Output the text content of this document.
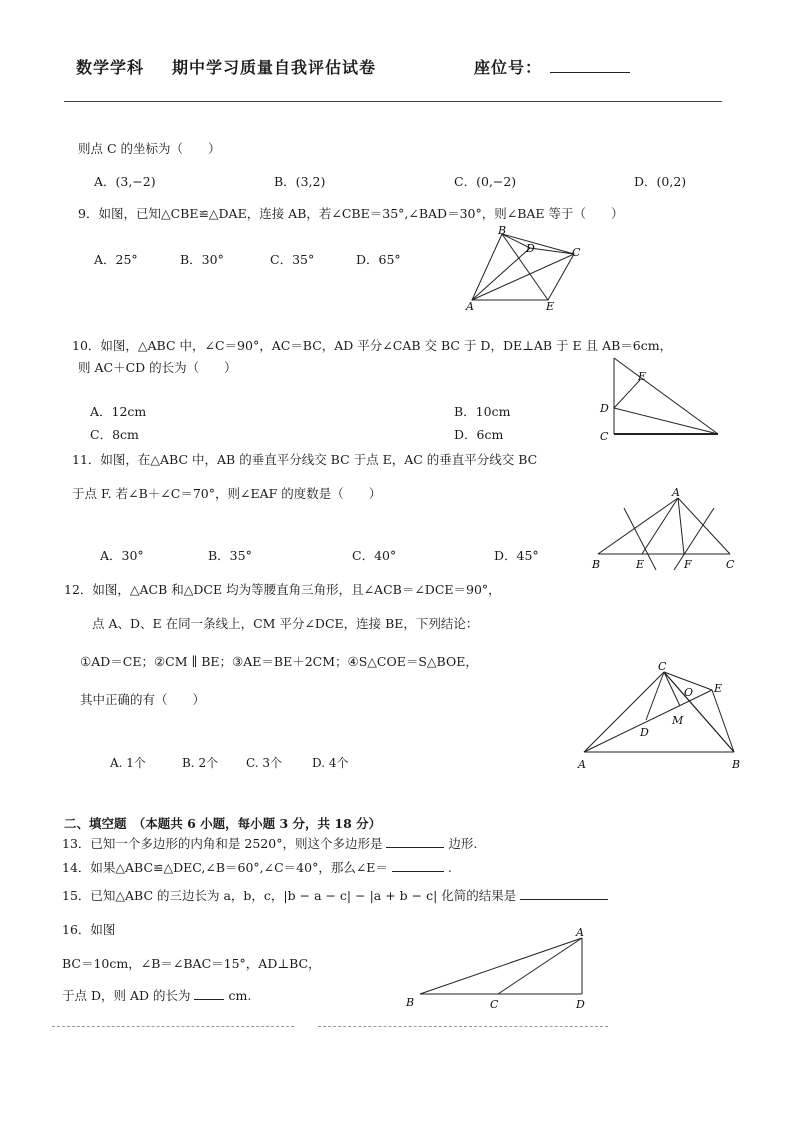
数学学科 期中学习质量自我评估试卷	座位号：
则点 C 的坐标为（　　）
A．(3,−2)	B．(3,2)	C．(0,−2)	D．(0,2)
9．如图，已知△CBE≌△DAE，连接 AB，若∠CBE＝35°,∠BAD＝30°，则∠BAE 等于（　　）
A．25°	B．30°	C．35°	D．65°
B
D	C
A	E
10．如图，△ABC 中，∠C＝90°，AC＝BC，AD 平分∠CAB 交 BC 于 D，DE⊥AB 于 E 且 AB＝6cm，
则 AC＋CD 的长为（　　）
A．12cm	B．10cm
C．8cm	D．6cm
E
D
C
11．如图，在△ABC 中，AB 的垂直平分线交 BC 于点 E，AC 的垂直平分线交 BC
于点 F. 若∠B＋∠C＝70°，则∠EAF 的度数是（　　）
A．30°	B．35°	C．40°	D．45°
A
B	E	F	C
12．如图，△ACB 和△DCE 均为等腰直角三角形，且∠ACB＝∠DCE＝90°，
点 A、D、E 在同一条线上，CM 平分∠DCE，连接 BE，下列结论：
①AD＝CE；②CM ∥ BE；③AE＝BE＋2CM；④S△COE＝S△BOE，
其中正确的有（　　）
A. 1个	B. 2个 C. 3个 D. 4个
C
E
O
M
D
A	B
二、填空题　（本题共 6 小题，每小题 3 分，共 18 分）
13．已知一个多边形的内角和是 2520°，则这个多边形是	边形.
14．如果△ABC≌△DEC,∠B＝60°,∠C＝40°，那么∠E＝	.
15．已知△ABC 的三边长为 a，b，c，|b − a − c| − |a + b − c| 化简的结果是
16．如图
BC＝10cm，∠B＝∠BAC＝15°，AD⊥BC，
于点 D，则 AD 的长为	cm.
A
B	C	D
